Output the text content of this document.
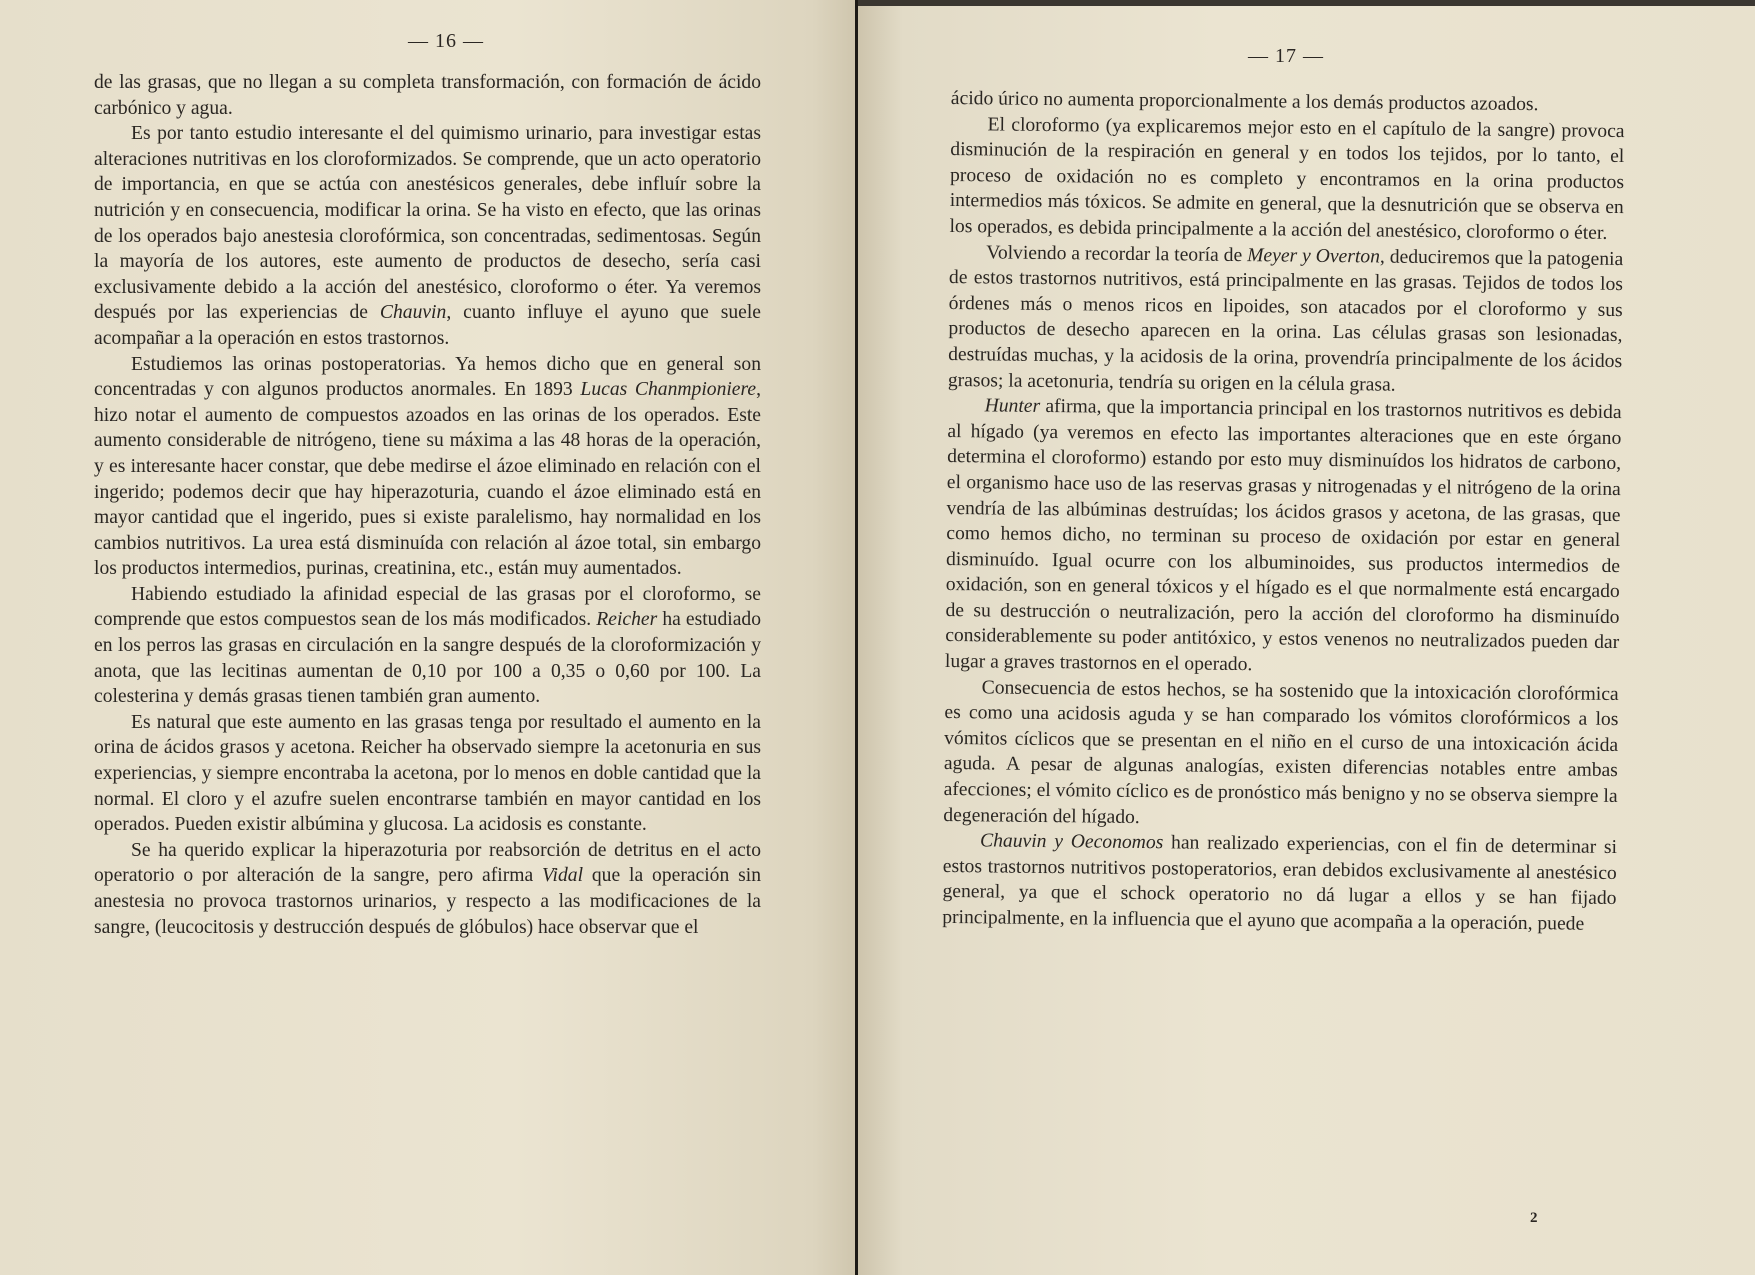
— 16 —

de las grasas, que no llegan a su completa transformación, con formación de ácido carbónico y agua.

Es por tanto estudio interesante el del quimismo urinario, para investigar estas alteraciones nutritivas en los cloroformizados. Se comprende, que un acto operatorio de importancia, en que se actúa con anestésicos generales, debe influír sobre la nutrición y en consecuencia, modificar la orina. Se ha visto en efecto, que las orinas de los operados bajo anestesia clorofórmica, son concentradas, sedimentosas. Según la mayoría de los autores, este aumento de productos de desecho, sería casi exclusivamente debido a la acción del anestésico, cloroformo o éter. Ya veremos después por las experiencias de Chauvin, cuanto influye el ayuno que suele acompañar a la operación en estos trastornos.

Estudiemos las orinas postoperatorias. Ya hemos dicho que en general son concentradas y con algunos productos anormales. En 1893 Lucas Chanmpioniere, hizo notar el aumento de compuestos azoados en las orinas de los operados. Este aumento considerable de nitrógeno, tiene su máxima a las 48 horas de la operación, y es interesante hacer constar, que debe medirse el ázoe eliminado en relación con el ingerido; podemos decir que hay hiperazoturia, cuando el ázoe eliminado está en mayor cantidad que el ingerido, pues si existe paralelismo, hay normalidad en los cambios nutritivos. La urea está disminuída con relación al ázoe total, sin embargo los productos intermedios, purinas, creatinina, etc., están muy aumentados.

Habiendo estudiado la afinidad especial de las grasas por el cloroformo, se comprende que estos compuestos sean de los más modificados. Reicher ha estudiado en los perros las grasas en circulación en la sangre después de la cloroformización y anota, que las lecitinas aumentan de 0,10 por 100 a 0,35 o 0,60 por 100. La colesterina y demás grasas tienen también gran aumento.

Es natural que este aumento en las grasas tenga por resultado el aumento en la orina de ácidos grasos y acetona. Reicher ha observado siempre la acetonuria en sus experiencias, y siempre encontraba la acetona, por lo menos en doble cantidad que la normal. El cloro y el azufre suelen encontrarse también en mayor cantidad en los operados. Pueden existir albúmina y glucosa. La acidosis es constante.

Se ha querido explicar la hiperazoturia por reabsorción de detritus en el acto operatorio o por alteración de la sangre, pero afirma Vidal que la operación sin anestesia no provoca trastornos urinarios, y respecto a las modificaciones de la sangre, (leucocitosis y destrucción después de glóbulos) hace observar que el

— 17 —

ácido úrico no aumenta proporcionalmente a los demás productos azoados.

El cloroformo (ya explicaremos mejor esto en el capítulo de la sangre) provoca disminución de la respiración en general y en todos los tejidos, por lo tanto, el proceso de oxidación no es completo y encontramos en la orina productos intermedios más tóxicos. Se admite en general, que la desnutrición que se observa en los operados, es debida principalmente a la acción del anestésico, cloroformo o éter.

Volviendo a recordar la teoría de Meyer y Overton, deduciremos que la patogenia de estos trastornos nutritivos, está principalmente en las grasas. Tejidos de todos los órdenes más o menos ricos en lipoides, son atacados por el cloroformo y sus productos de desecho aparecen en la orina. Las células grasas son lesionadas, destruídas muchas, y la acidosis de la orina, provendría principalmente de los ácidos grasos; la acetonuria, tendría su origen en la célula grasa.

Hunter afirma, que la importancia principal en los trastornos nutritivos es debida al hígado (ya veremos en efecto las importantes alteraciones que en este órgano determina el cloroformo) estando por esto muy disminuídos los hidratos de carbono, el organismo hace uso de las reservas grasas y nitrogenadas y el nitrógeno de la orina vendría de las albúminas destruídas; los ácidos grasos y acetona, de las grasas, que como hemos dicho, no terminan su proceso de oxidación por estar en general disminuído. Igual ocurre con los albuminoides, sus productos intermedios de oxidación, son en general tóxicos y el hígado es el que normalmente está encargado de su destrucción o neutralización, pero la acción del cloroformo ha disminuído considerablemente su poder antitóxico, y estos venenos no neutralizados pueden dar lugar a graves trastornos en el operado.

Consecuencia de estos hechos, se ha sostenido que la intoxicación clorofórmica es como una acidosis aguda y se han comparado los vómitos clorofórmicos a los vómitos cíclicos que se presentan en el niño en el curso de una intoxicación ácida aguda. A pesar de algunas analogías, existen diferencias notables entre ambas afecciones; el vómito cíclico es de pronóstico más benigno y no se observa siempre la degeneración del hígado.

Chauvin y Oeconomos han realizado experiencias, con el fin de determinar si estos trastornos nutritivos postoperatorios, eran debidos exclusivamente al anestésico general, ya que el schock operatorio no dá lugar a ellos y se han fijado principalmente, en la influencia que el ayuno que acompaña a la operación, puede

2
